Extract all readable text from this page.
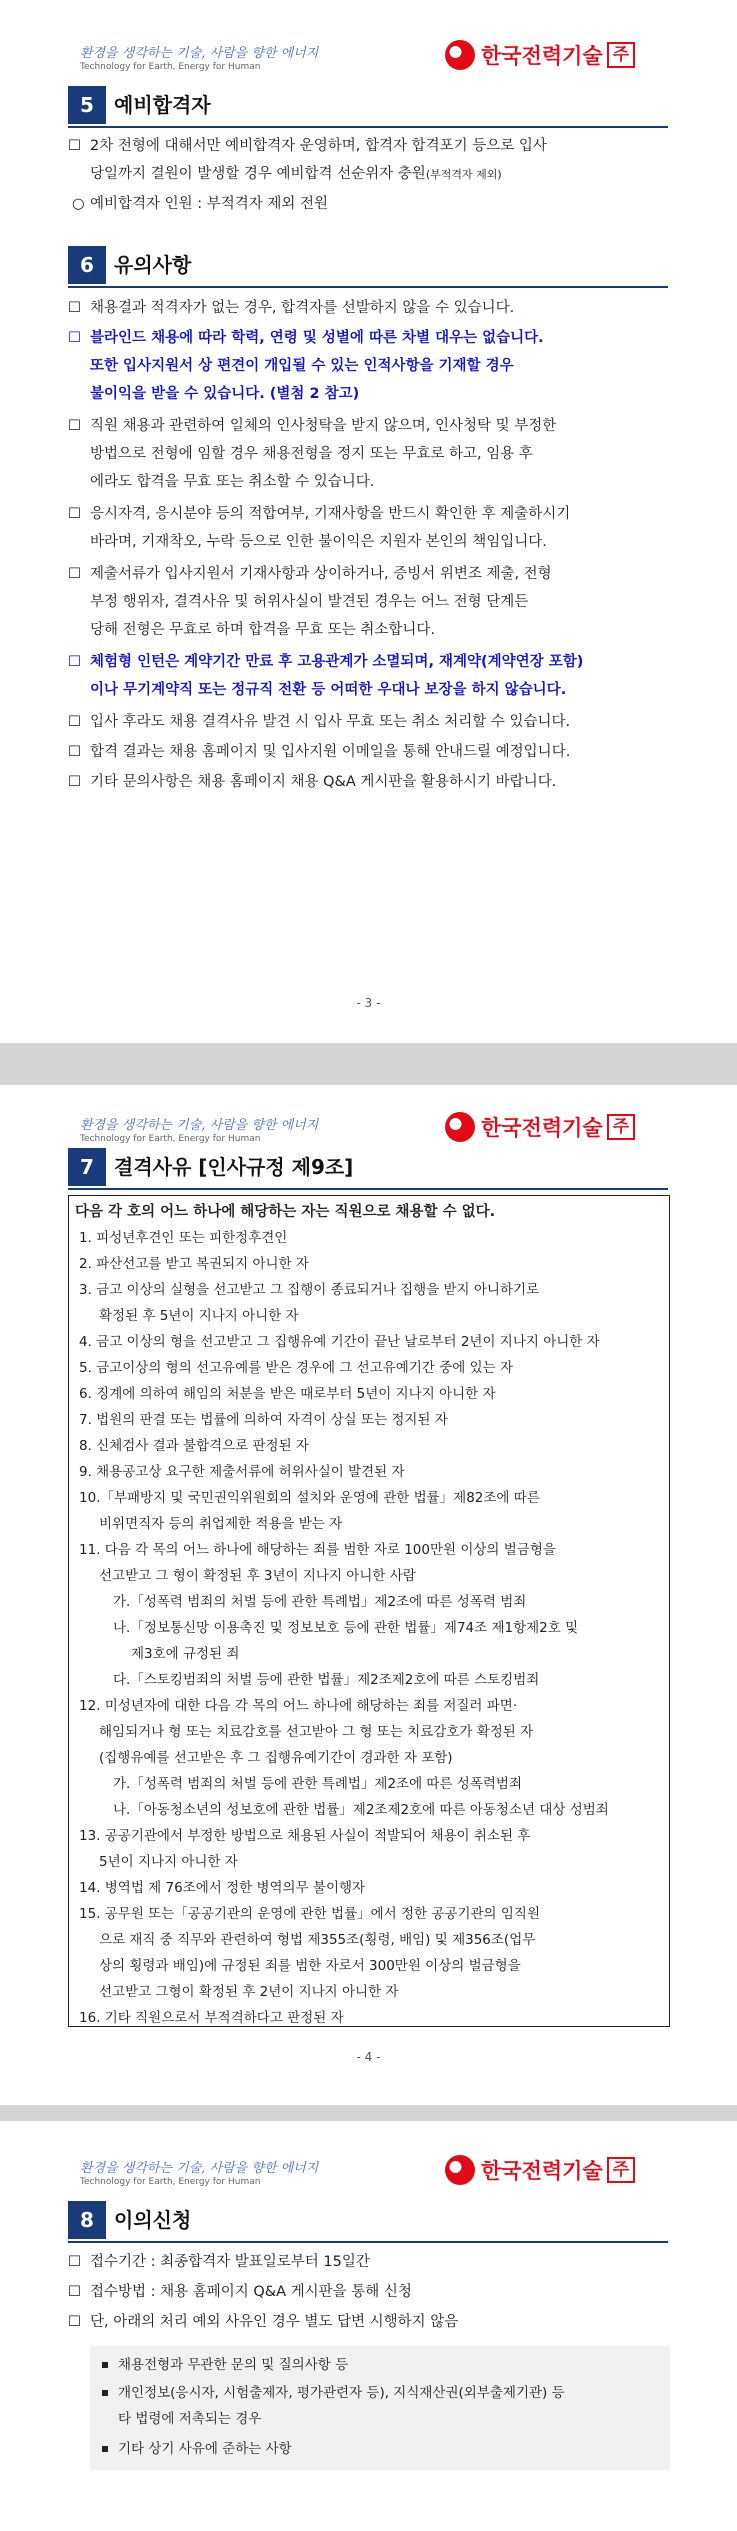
환경을 생각하는 기술, 사람을 향한 에너지
Technology for Earth, Energy for Human	한국전력기술 주
5	예비합격자
☐ 2차 전형에 대해서만 예비합격자 운영하며, 합격자 합격포기 등으로 입사
당일까지 결원이 발생할 경우 예비합격 선순위자 충원(부적격자 제외)
○ 예비합격자 인원 : 부적격자 제외 전원
6	유의사항
☐ 채용결과 적격자가 없는 경우, 합격자를 선발하지 않을 수 있습니다.
☐ 블라인드 채용에 따라 학력, 연령 및 성별에 따른 차별 대우는 없습니다.
또한 입사지원서 상 편견이 개입될 수 있는 인적사항을 기재할 경우
불이익을 받을 수 있습니다. (별첨 2 참고)
☐ 직원 채용과 관련하여 일체의 인사청탁을 받지 않으며, 인사청탁 및 부정한
방법으로 전형에 임할 경우 채용전형을 정지 또는 무효로 하고, 임용 후
에라도 합격을 무효 또는 취소할 수 있습니다.
☐ 응시자격, 응시분야 등의 적합여부, 기재사항을 반드시 확인한 후 제출하시기
바라며, 기재착오, 누락 등으로 인한 불이익은 지원자 본인의 책임입니다.
☐ 제출서류가 입사지원서 기재사항과 상이하거나, 증빙서 위변조 제출, 전형
부정 행위자, 결격사유 및 허위사실이 발견된 경우는 어느 전형 단계든
당해 전형은 무효로 하며 합격을 무효 또는 취소합니다.
☐ 체험형 인턴은 계약기간 만료 후 고용관계가 소멸되며, 재계약(계약연장 포함)
이나 무기계약직 또는 정규직 전환 등 어떠한 우대나 보장을 하지 않습니다.
☐ 입사 후라도 채용 결격사유 발견 시 입사 무효 또는 취소 처리할 수 있습니다.
☐ 합격 결과는 채용 홈페이지 및 입사지원 이메일을 통해 안내드릴 예정입니다.
☐ 기타 문의사항은 채용 홈페이지 채용 Q&A 게시판을 활용하시기 바랍니다.
- 3 -
환경을 생각하는 기술, 사람을 향한 에너지
Technology for Earth, Energy for Human	한국전력기술 주
7	결격사유 [인사규정 제9조]
다음 각 호의 어느 하나에 해당하는 자는 직원으로 채용할 수 없다.
1. 피성년후견인 또는 피한정후견인
2. 파산선고를 받고 복권되지 아니한 자
3. 금고 이상의 실형을 선고받고 그 집행이 종료되거나 집행을 받지 아니하기로
확정된 후 5년이 지나지 아니한 자
4. 금고 이상의 형을 선고받고 그 집행유예 기간이 끝난 날로부터 2년이 지나지 아니한 자
5. 금고이상의 형의 선고유예를 받은 경우에 그 선고유예기간 중에 있는 자
6. 징계에 의하여 해임의 처분을 받은 때로부터 5년이 지나지 아니한 자
7. 법원의 판결 또는 법률에 의하여 자격이 상실 또는 정지된 자
8. 신체검사 결과 불합격으로 판정된 자
9. 채용공고상 요구한 제출서류에 허위사실이 발견된 자
10.「부패방지 및 국민권익위원회의 설치와 운영에 관한 법률」제82조에 따른
비위면직자 등의 취업제한 적용을 받는 자
11. 다음 각 목의 어느 하나에 해당하는 죄를 범한 자로 100만원 이상의 벌금형을
선고받고 그 형이 확정된 후 3년이 지나지 아니한 사람
가.「성폭력 범죄의 처벌 등에 관한 특례법」제2조에 따른 성폭력 범죄
나.「정보통신망 이용촉진 및 정보보호 등에 관한 법률」제74조 제1항제2호 및
제3호에 규정된 죄
다.「스토킹범죄의 처벌 등에 관한 법률」제2조제2호에 따른 스토킹범죄
12. 미성년자에 대한 다음 각 목의 어느 하나에 해당하는 죄를 저질러 파면·
해임되거나 형 또는 치료감호를 선고받아 그 형 또는 치료감호가 확정된 자
(집행유예를 선고받은 후 그 집행유예기간이 경과한 자 포함)
가.「성폭력 범죄의 처벌 등에 관한 특례법」제2조에 따른 성폭력범죄
나.「아동청소년의 성보호에 관한 법률」제2조제2호에 따른 아동청소년 대상 성범죄
13. 공공기관에서 부정한 방법으로 채용된 사실이 적발되어 채용이 취소된 후
5년이 지나지 아니한 자
14. 병역법 제 76조에서 정한 병역의무 불이행자
15. 공무원 또는「공공기관의 운영에 관한 법률」에서 정한 공공기관의 임직원
으로 재직 중 직무와 관련하여 형법 제355조(횡령, 배임) 및 제356조(업무
상의 횡령과 배임)에 규정된 죄를 범한 자로서 300만원 이상의 벌금형을
선고받고 그형이 확정된 후 2년이 지나지 아니한 자
16. 기타 직원으로서 부적격하다고 판정된 자
- 4 -
환경을 생각하는 기술, 사람을 향한 에너지
Technology for Earth, Energy for Human	한국전력기술 주
8	이의신청
☐ 접수기간 : 최종합격자 발표일로부터 15일간
☐ 접수방법 : 채용 홈페이지 Q&A 게시판을 통해 신청
☐ 단, 아래의 처리 예외 사유인 경우 별도 답변 시행하지 않음
채용전형과 무관한 문의 및 질의사항 등
개인정보(응시자, 시험출제자, 평가관련자 등), 지식재산권(외부출제기관) 등
타 법령에 저촉되는 경우
기타 상기 사유에 준하는 사항
